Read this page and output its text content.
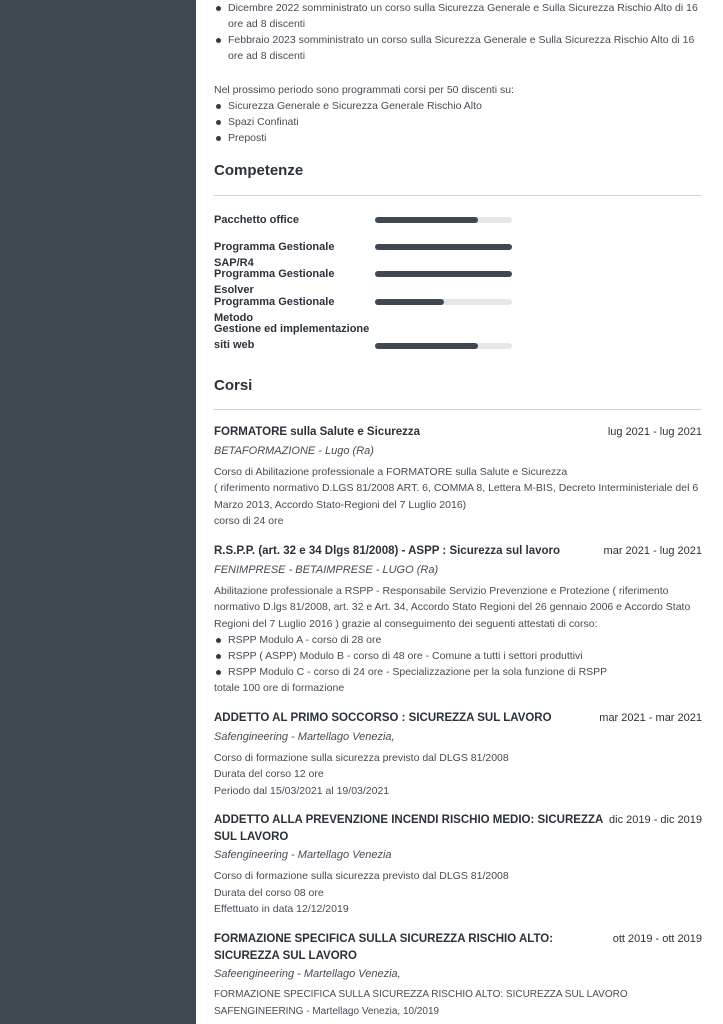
Dicembre 2022 somministrato un corso sulla Sicurezza Generale e Sulla Sicurezza Rischio Alto di 16 ore ad 8 discenti
Febbraio 2023 somministrato un corso sulla Sicurezza Generale e Sulla Sicurezza Rischio Alto di 16 ore ad 8 discenti

Nel prossimo periodo sono programmati corsi per 50 discenti su:

Sicurezza Generale e Sicurezza Generale Rischio Alto
Spazi Confinati
Preposti
Competenze
Pacchetto office
Programma Gestionale SAP/R4
Programma Gestionale Esolver
Programma Gestionale Metodo
Gestione ed implementazione siti web
Corsi
FORMATORE sulla Salute e Sicurezza	lug 2021 - lug 2021
BETAFORMAZIONE - Lugo (Ra)

Corso di Abilitazione professionale a FORMATORE sulla Salute e Sicurezza

( riferimento normativo D.LGS 81/2008 ART. 6, COMMA 8, Lettera M-BIS, Decreto Interministeriale del 6 Marzo 2013, Accordo Stato-Regioni del 7 Luglio 2016)

corso di 24 ore

R.S.P.P. (art. 32 e 34 Dlgs 81/2008) - ASPP : Sicurezza sul lavoro	mar 2021 - lug 2021
FENIMPRESE - BETAIMPRESE - LUGO (Ra)

Abilitazione professionale a RSPP - Responsabile Servizio Prevenzione e Protezione ( riferimento normativo D.lgs 81/2008, art. 32 e Art. 34, Accordo Stato Regioni del 26 gennaio 2006 e Accordo Stato Regioni del 7 Luglio 2016 ) grazie al conseguimento dei seguenti attestati di corso:

RSPP Modulo A - corso di 28 ore
RSPP ( ASPP) Modulo B - corso di 48 ore - Comune a tutti i settori produttivi
RSPP Modulo C - corso di 24 ore - Specializzazione per la sola funzione di RSPP

totale 100 ore di formazione

ADDETTO AL PRIMO SOCCORSO : SICUREZZA SUL LAVORO	mar 2021 - mar 2021
Safengineering - Martellago Venezia,

Corso di formazione sulla sicurezza previsto dal DLGS 81/2008

Durata del corso 12 ore

Periodo dal 15/03/2021 al 19/03/2021

ADDETTO ALLA PREVENZIONE INCENDI RISCHIO MEDIO: SICUREZZA SUL LAVORO
dic 2019 - dic 2019
Safengineering - Martellago Venezia

Corso di formazione sulla sicurezza previsto dal DLGS 81/2008

Durata del corso 08 ore

Effettuato in data 12/12/2019

FORMAZIONE SPECIFICA SULLA SICUREZZA RISCHIO ALTO: SICUREZZA SUL LAVORO
ott 2019 - ott 2019
Safeengineering - Martellago Venezia,

FORMAZIONE SPECIFICA SULLA SICUREZZA RISCHIO ALTO: SICUREZZA SUL LAVORO

SAFENGINEERING - Martellago Venezia, 10/2019
